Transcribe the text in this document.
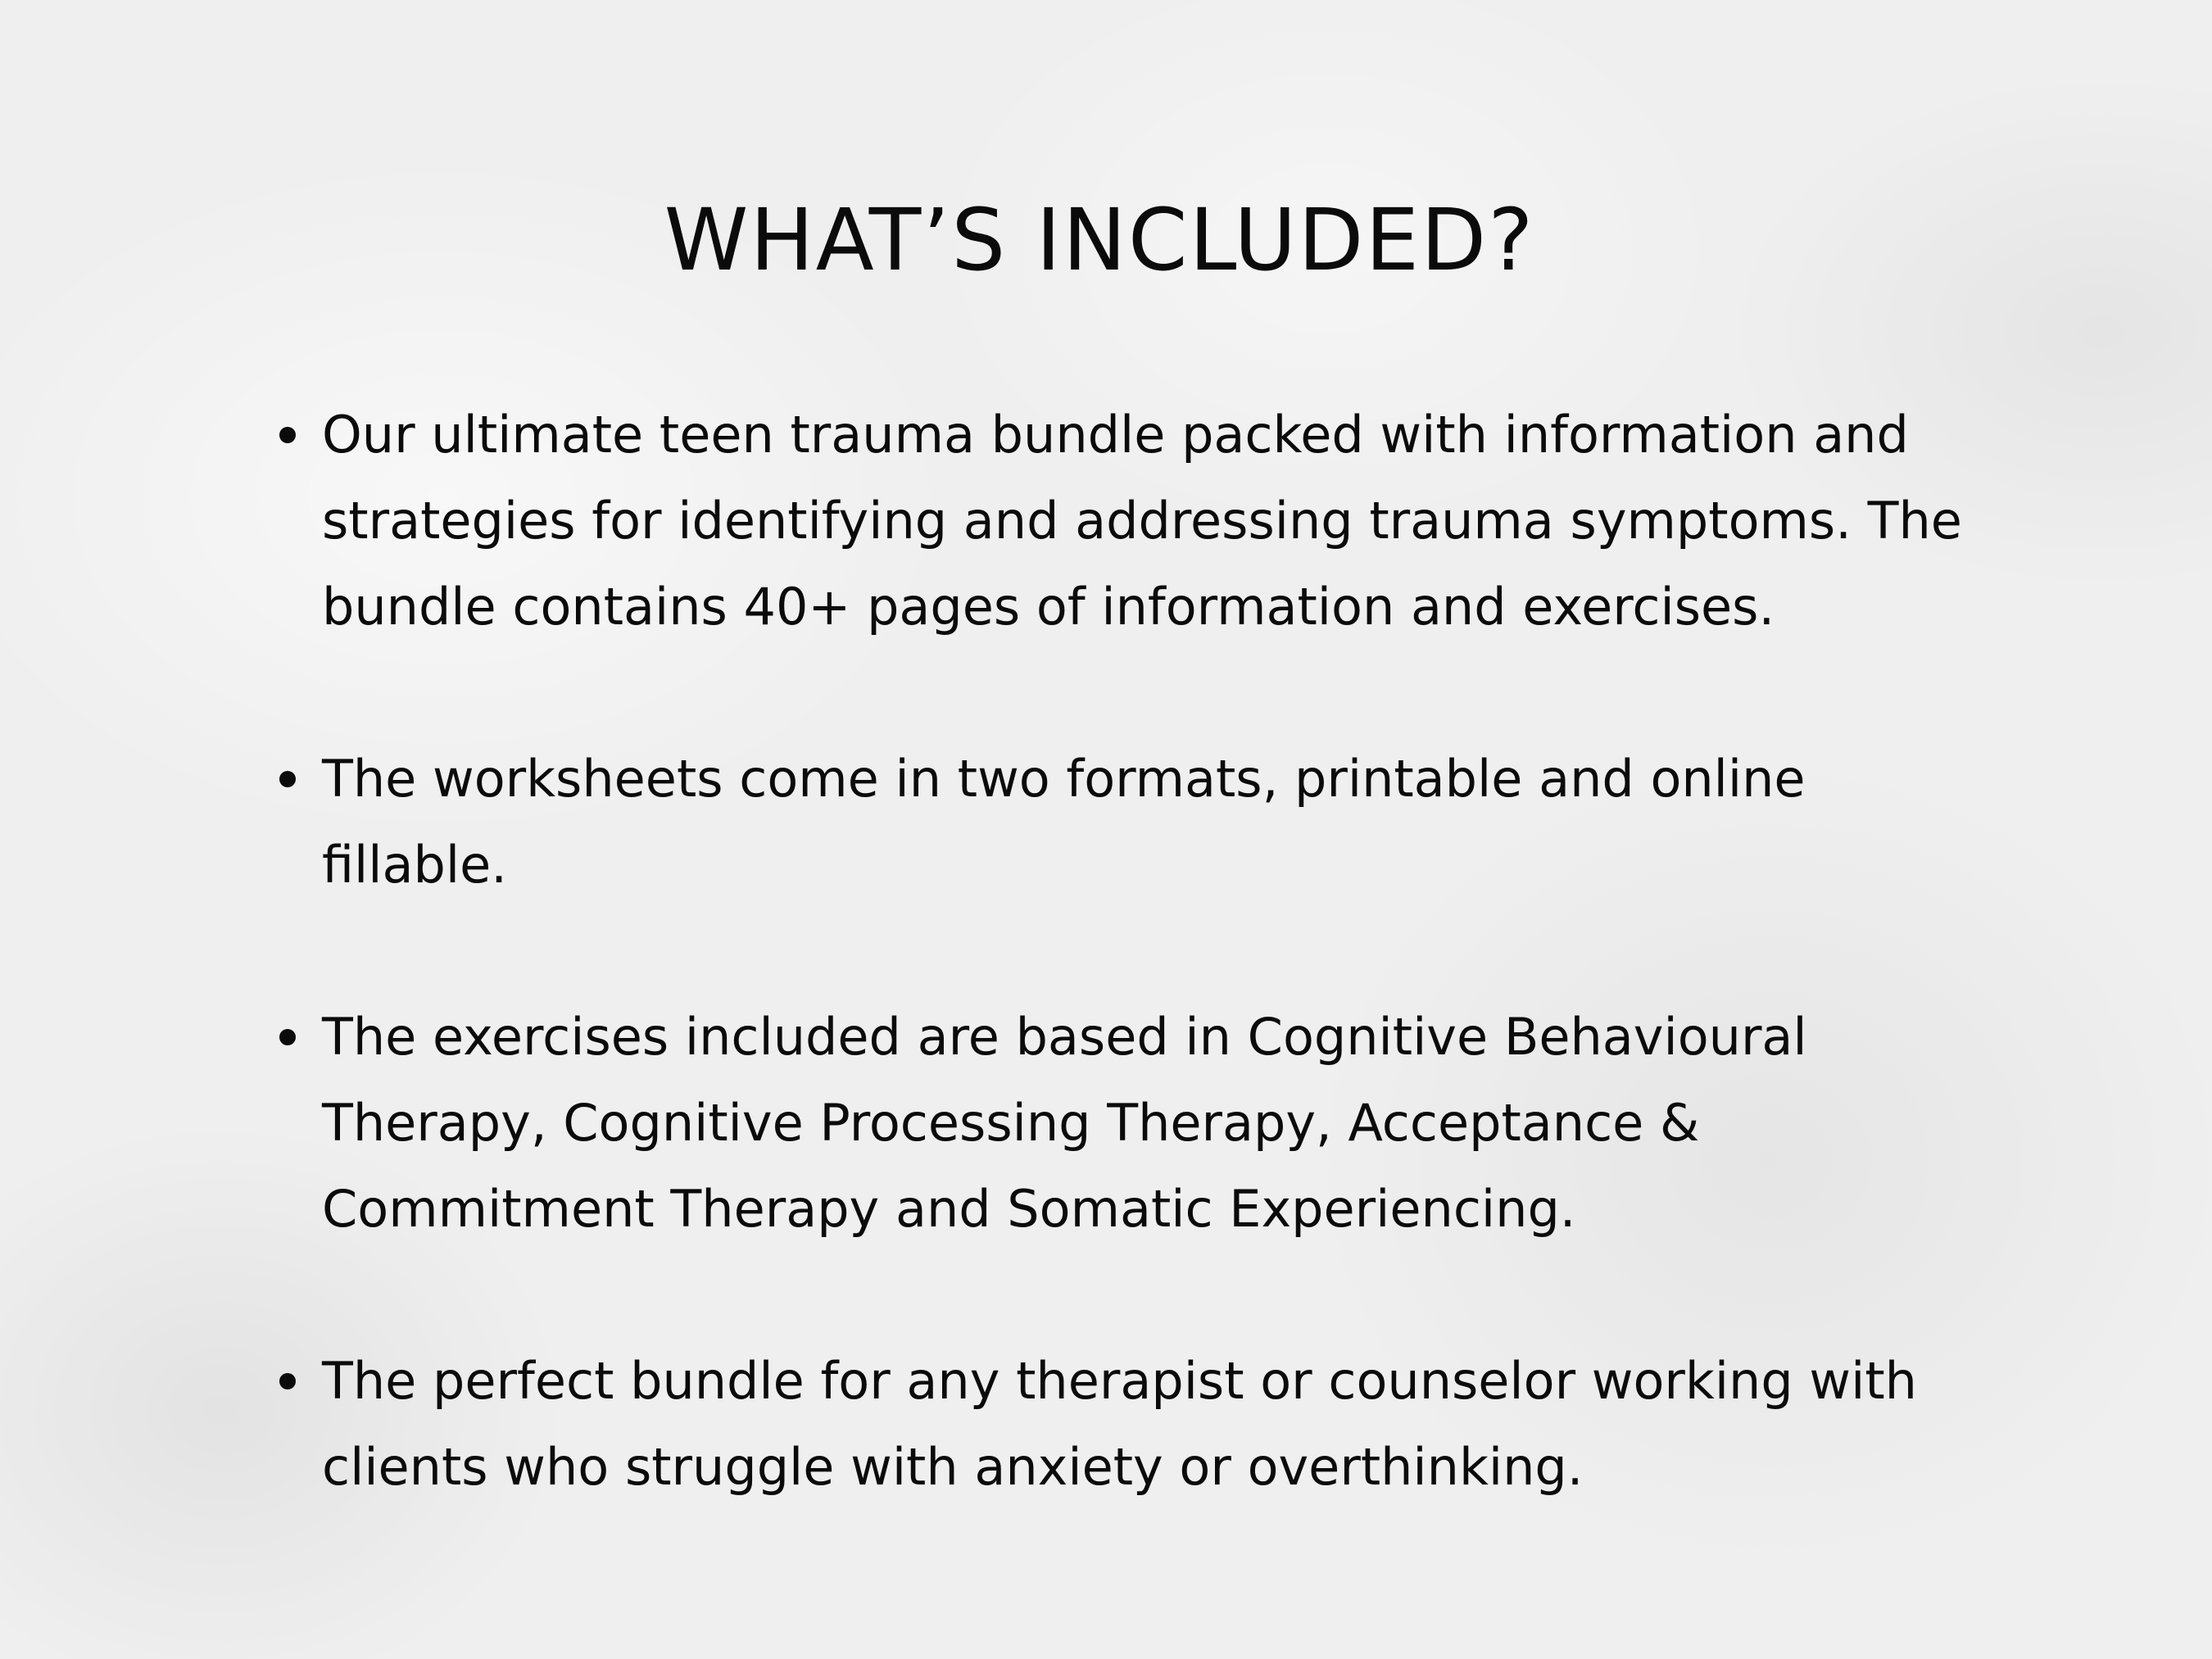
WHAT’S INCLUDED?
Our ultimate teen trauma bundle packed with information and strategies for identifying and addressing trauma symptoms. The bundle contains 40+ pages of information and exercises.
The worksheets come in two formats, printable and online fillable.
The exercises included are based in Cognitive Behavioural Therapy, Cognitive Processing Therapy, Acceptance & Commitment Therapy and Somatic Experiencing.
The perfect bundle for any therapist or counselor working with clients who struggle with anxiety or overthinking.
